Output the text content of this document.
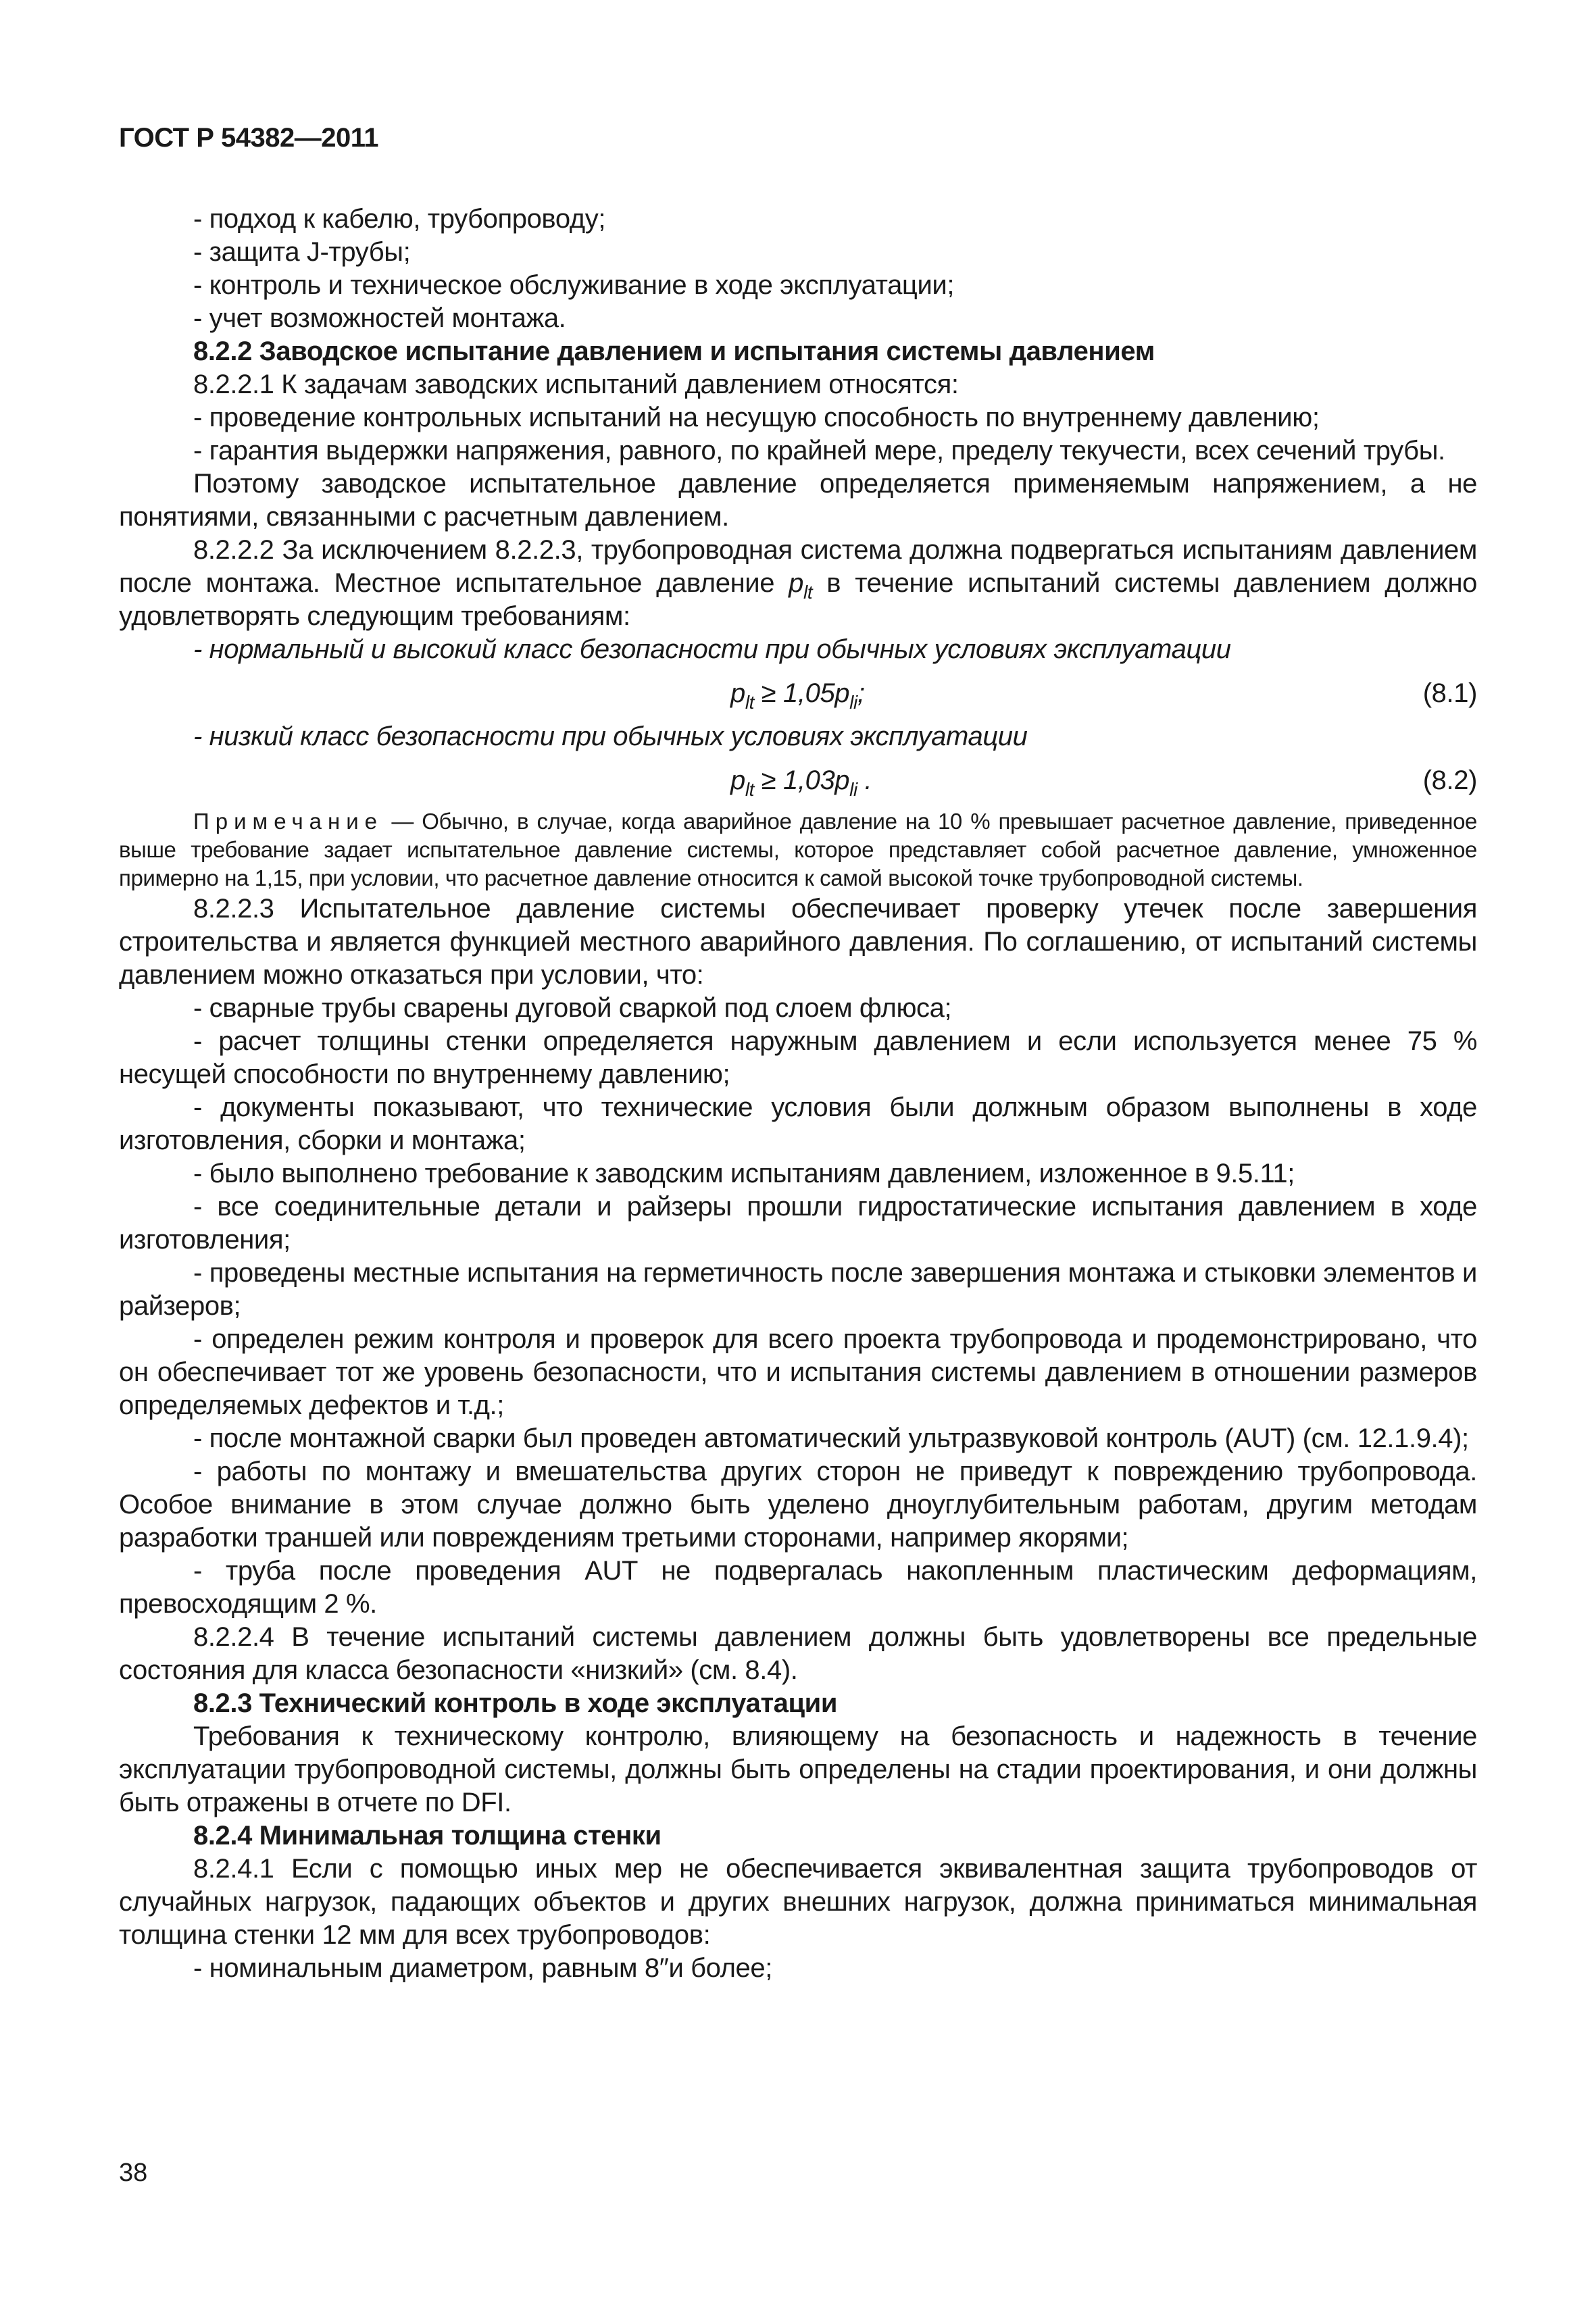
ГОСТ Р 54382—2011

- подход к кабелю, трубопроводу;

- защита J-трубы;

- контроль и техническое обслуживание в ходе эксплуатации;

- учет возможностей монтажа.

8.2.2 Заводское испытание давлением и испытания системы давлением

8.2.2.1 К задачам заводских испытаний давлением относятся:

- проведение контрольных испытаний на несущую способность по внутреннему давлению;

- гарантия выдержки напряжения, равного, по крайней мере, пределу текучести, всех сечений трубы.

Поэтому заводское испытательное давление определяется применяемым напряжением, а не понятиями, связанными с расчетным давлением.

8.2.2.2 За исключением 8.2.2.3, трубопроводная система должна подвергаться испытаниям давлением после монтажа. Местное испытательное давление $p_{lt}$ в течение испытаний системы давлением должно удовлетворять следующим требованиям:

- нормальный и высокий класс безопасности при обычных условиях эксплуатации

$p_{lt} \ge 1,05p_{li}$;	(8.1)

- низкий класс безопасности при обычных условиях эксплуатации

$p_{lt} \ge 1,03p_{li}$ .	(8.2)

Примечание — Обычно, в случае, когда аварийное давление на 10 % превышает расчетное давление, приведенное выше требование задает испытательное давление системы, которое представляет собой расчетное давление, умноженное примерно на 1,15, при условии, что расчетное давление относится к самой высокой точке трубопроводной системы.

8.2.2.3 Испытательное давление системы обеспечивает проверку утечек после завершения строительства и является функцией местного аварийного давления. По соглашению, от испытаний системы давлением можно отказаться при условии, что:

- сварные трубы сварены дуговой сваркой под слоем флюса;

- расчет толщины стенки определяется наружным давлением и если используется менее 75 % несущей способности по внутреннему давлению;

- документы показывают, что технические условия были должным образом выполнены в ходе изготовления, сборки и монтажа;

- было выполнено требование к заводским испытаниям давлением, изложенное в 9.5.11;

- все соединительные детали и райзеры прошли гидростатические испытания давлением в ходе изготовления;

- проведены местные испытания на герметичность после завершения монтажа и стыковки элементов и райзеров;

- определен режим контроля и проверок для всего проекта трубопровода и продемонстрировано, что он обеспечивает тот же уровень безопасности, что и испытания системы давлением в отношении размеров определяемых дефектов и т.д.;

- после монтажной сварки был проведен автоматический ультразвуковой контроль (AUT) (см. 12.1.9.4);

- работы по монтажу и вмешательства других сторон не приведут к повреждению трубопровода. Особое внимание в этом случае должно быть уделено дноуглубительным работам, другим методам разработки траншей или повреждениям третьими сторонами, например якорями;

- труба после проведения AUT не подвергалась накопленным пластическим деформациям, превосходящим 2 %.

8.2.2.4 В течение испытаний системы давлением должны быть удовлетворены все предельные состояния для класса безопасности «низкий» (см. 8.4).

8.2.3 Технический контроль в ходе эксплуатации

Требования к техническому контролю, влияющему на безопасность и надежность в течение эксплуатации трубопроводной системы, должны быть определены на стадии проектирования, и они должны быть отражены в отчете по DFI.

8.2.4 Минимальная толщина стенки

8.2.4.1 Если с помощью иных мер не обеспечивается эквивалентная защита трубопроводов от случайных нагрузок, падающих объектов и других внешних нагрузок, должна приниматься минимальная толщина стенки 12 мм для всех трубопроводов:

- номинальным диаметром, равным 8″и более;

38
